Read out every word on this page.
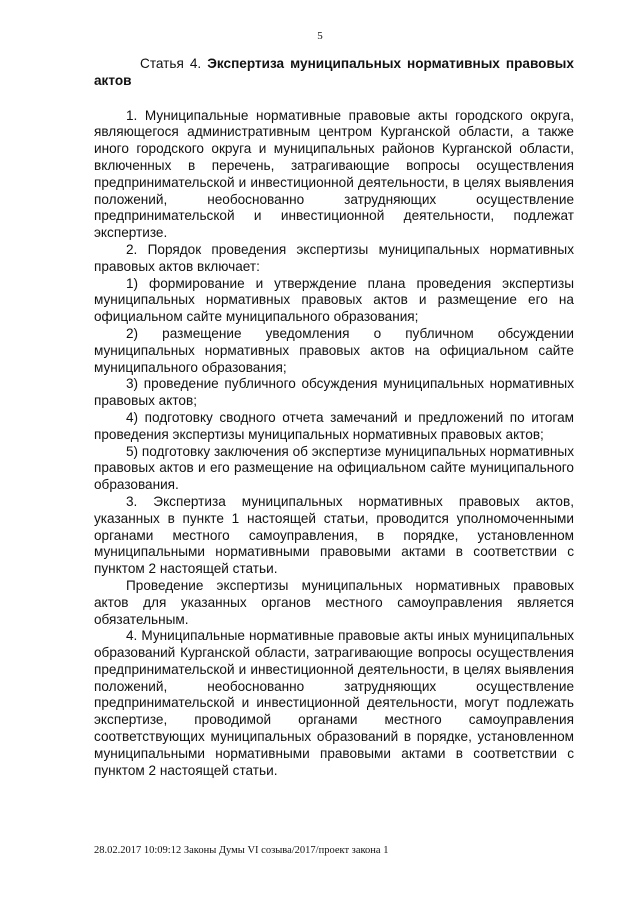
5
Статья 4. Экспертиза муниципальных нормативных правовых актов

1. Муниципальные нормативные правовые акты городского округа, являющегося административным центром Курганской области, а также иного городского округа и муниципальных районов Курганской области, включенных в перечень, затрагивающие вопросы осуществления предпринимательской и инвестиционной деятельности, в целях выявления положений, необоснованно затрудняющих осуществление предпринимательской и инвестиционной деятельности, подлежат экспертизе.

2. Порядок проведения экспертизы муниципальных нормативных правовых актов включает:

1) формирование и утверждение плана проведения экспертизы муниципальных нормативных правовых актов и размещение его на официальном сайте муниципального образования;

2) размещение уведомления о публичном обсуждении муниципальных нормативных правовых актов на официальном сайте муниципального образования;

3) проведение публичного обсуждения муниципальных нормативных правовых актов;

4) подготовку сводного отчета замечаний и предложений по итогам проведения экспертизы муниципальных нормативных правовых актов;

5) подготовку заключения об экспертизе муниципальных нормативных правовых актов и его размещение на официальном сайте муниципального образования.

3. Экспертиза муниципальных нормативных правовых актов, указанных в пункте 1 настоящей статьи, проводится уполномоченными органами местного самоуправления, в порядке, установленном муниципальными нормативными правовыми актами в соответствии с пунктом 2 настоящей статьи.

Проведение экспертизы муниципальных нормативных правовых актов для указанных органов местного самоуправления является обязательным.

4. Муниципальные нормативные правовые акты иных муниципальных образований Курганской области, затрагивающие вопросы осуществления предпринимательской и инвестиционной деятельности, в целях выявления положений, необоснованно затрудняющих осуществление предпринимательской и инвестиционной деятельности, могут подлежать экспертизе, проводимой органами местного самоуправления соответствующих муниципальных образований в порядке, установленном муниципальными нормативными правовыми актами в соответствии с пунктом 2 настоящей статьи.

28.02.2017 10:09:12 Законы Думы VI созыва/2017/проект закона 1
